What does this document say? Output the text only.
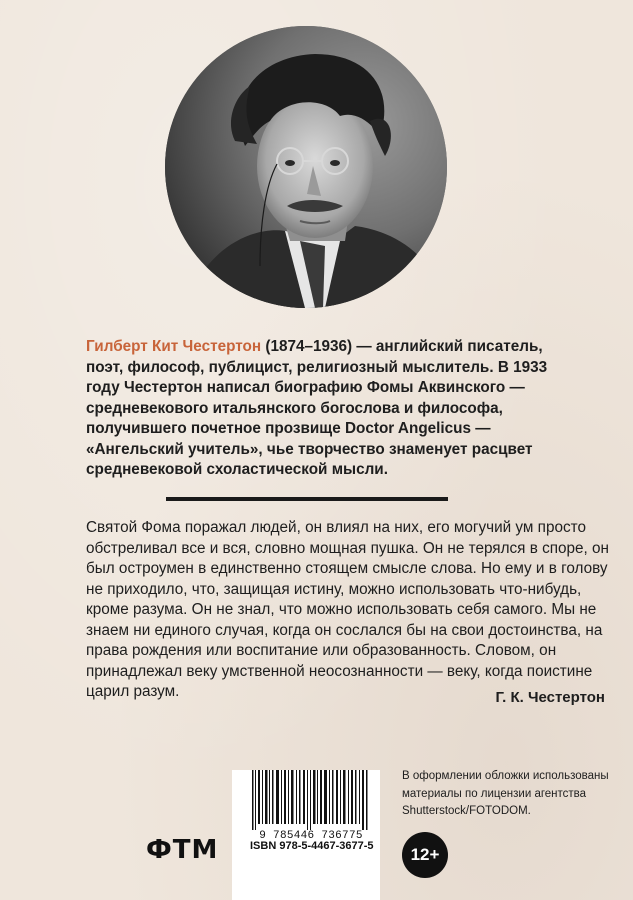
Гилберт Кит Честертон (1874–1936) — английский писатель, поэт, философ, публицист, религиозный мыслитель. В 1933 году Честертон написал биографию Фомы Аквинского — средневекового итальянского богослова и философа, получившего почетное прозвище Doctor Angelicus — «Ангельский учитель», чье творчество знаменует расцвет средневековой схоластической мысли.

Святой Фома поражал людей, он влиял на них, его могучий ум просто обстреливал все и вся, словно мощная пушка. Он не терялся в споре, он был остроумен в единственно стоящем смысле слова. Но ему и в голову не приходило, что, защищая истину, можно использовать что-нибудь, кроме разума. Он не знал, что можно использовать себя самого. Мы не знаем ни единого случая, когда он сослался бы на свои достоинства, на права рождения или воспитание или образованность. Словом, он принадлежал веку умственной неосознанности — веку, когда поистине царил разум.	Г. К. Честертон
9 785446 736775
ISBN 978-5-4467-3677-5
В оформлении обложки использованы материалы по лицензии агентства Shutterstock/FOTODOM.
ФТМ	12+
